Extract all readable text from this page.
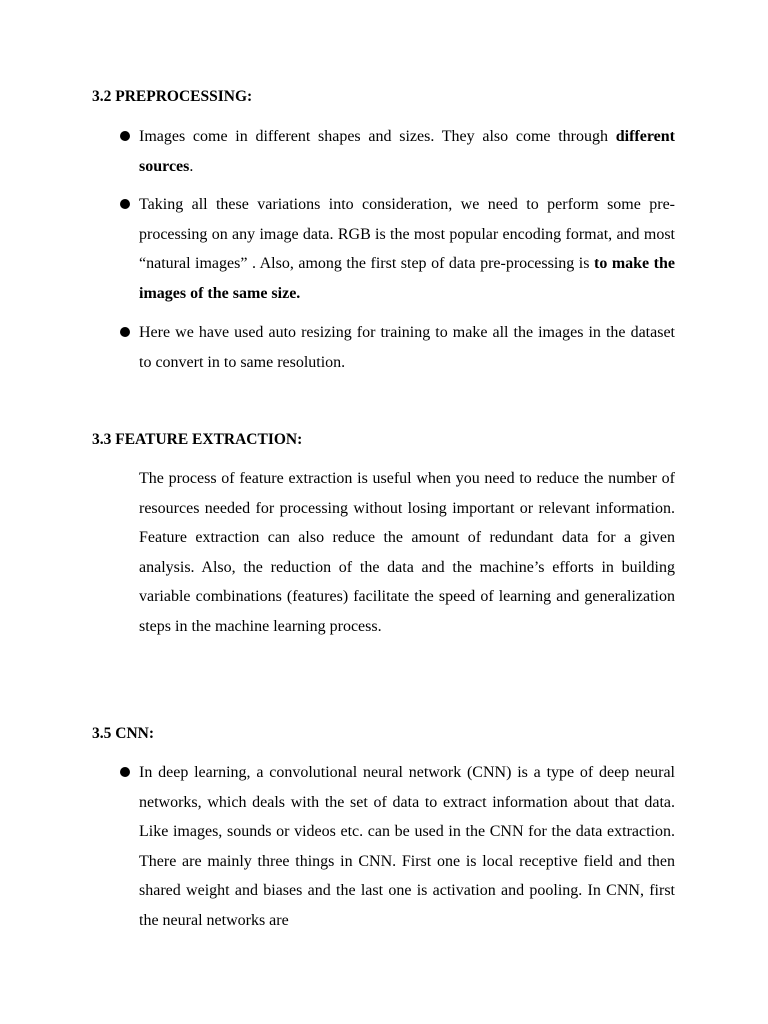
3.2 PREPROCESSING:

Images come in different shapes and sizes. They also come through different sources.

Taking all these variations into consideration, we need to perform some pre-processing on any image data. RGB is the most popular encoding format, and most “natural images” . Also, among the first step of data pre-processing is to make the images of the same size.

Here we have used auto resizing for training to make all the images in the dataset to convert in to same resolution.

3.3 FEATURE EXTRACTION:

The process of feature extraction is useful when you need to reduce the number of resources needed for processing without losing important or relevant information. Feature extraction can also reduce the amount of redundant data for a given analysis. Also, the reduction of the data and the machine’s efforts in building variable combinations (features) facilitate the speed of learning and generalization steps in the machine learning process.

3.5 CNN:

In deep learning, a convolutional neural network (CNN) is a type of deep neural networks, which deals with the set of data to extract information about that data. Like images, sounds or videos etc. can be used in the CNN for the data extraction. There are mainly three things in CNN. First one is local receptive field and then shared weight and biases and the last one is activation and pooling. In CNN, first the neural networks are
